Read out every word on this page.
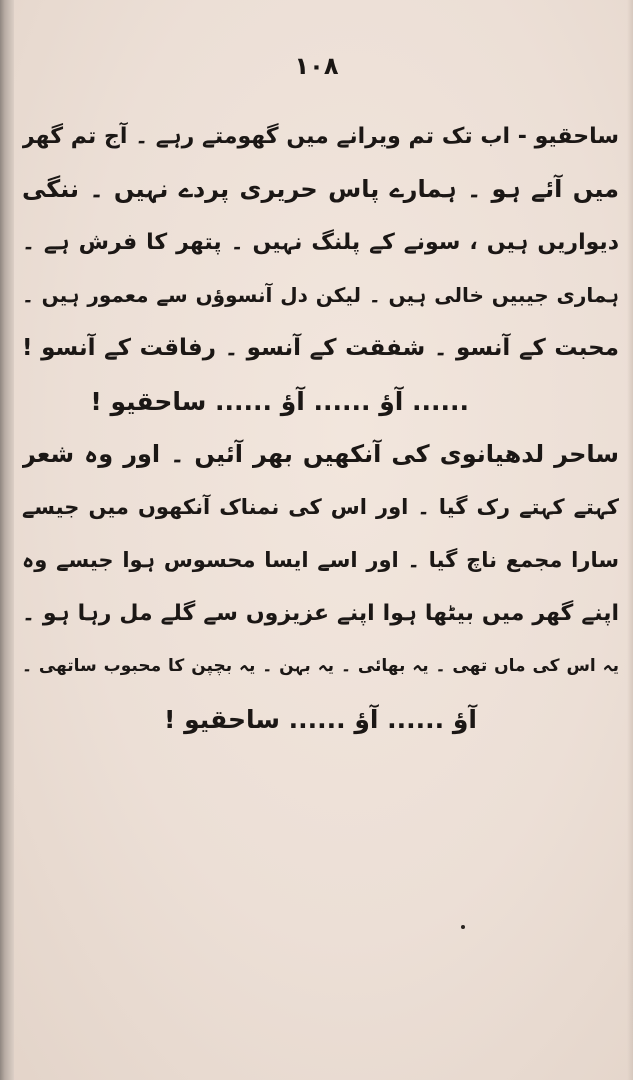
۱۰۸
ساحقیو - اب تک تم ویرانے میں گھومتے رہے ۔ آج تم گھر
میں آئے ہو ۔ ہمارے پاس حریری پردے نہیں ۔ ننگی
دیواریں ہیں ، سونے کے پلنگ نہیں ۔ پتھر کا فرش ہے ۔
ہماری جیبیں خالی ہیں ۔ لیکن دل آنسوؤں سے معمور ہیں ۔
محبت کے آنسو ۔ شفقت کے آنسو ۔ رفاقت کے آنسو !
...... آؤ ...... آؤ ...... ساحقیو !
ساحر لدھیانوی کی آنکھیں بھر آئیں ۔ اور وہ شعر
کہتے کہتے رک گیا ۔ اور اس کی نمناک آنکھوں میں جیسے
سارا مجمع ناچ گیا ۔ اور اسے ایسا محسوس ہوا جیسے وہ
اپنے گھر میں بیٹھا ہوا اپنے عزیزوں سے گلے مل رہا ہو ۔
یہ اس کی ماں تھی ۔ یہ بھائی ۔ یہ بہن ۔ یہ بچپن کا محبوب ساتھی ۔
آؤ ...... آؤ ...... ساحقیو !
